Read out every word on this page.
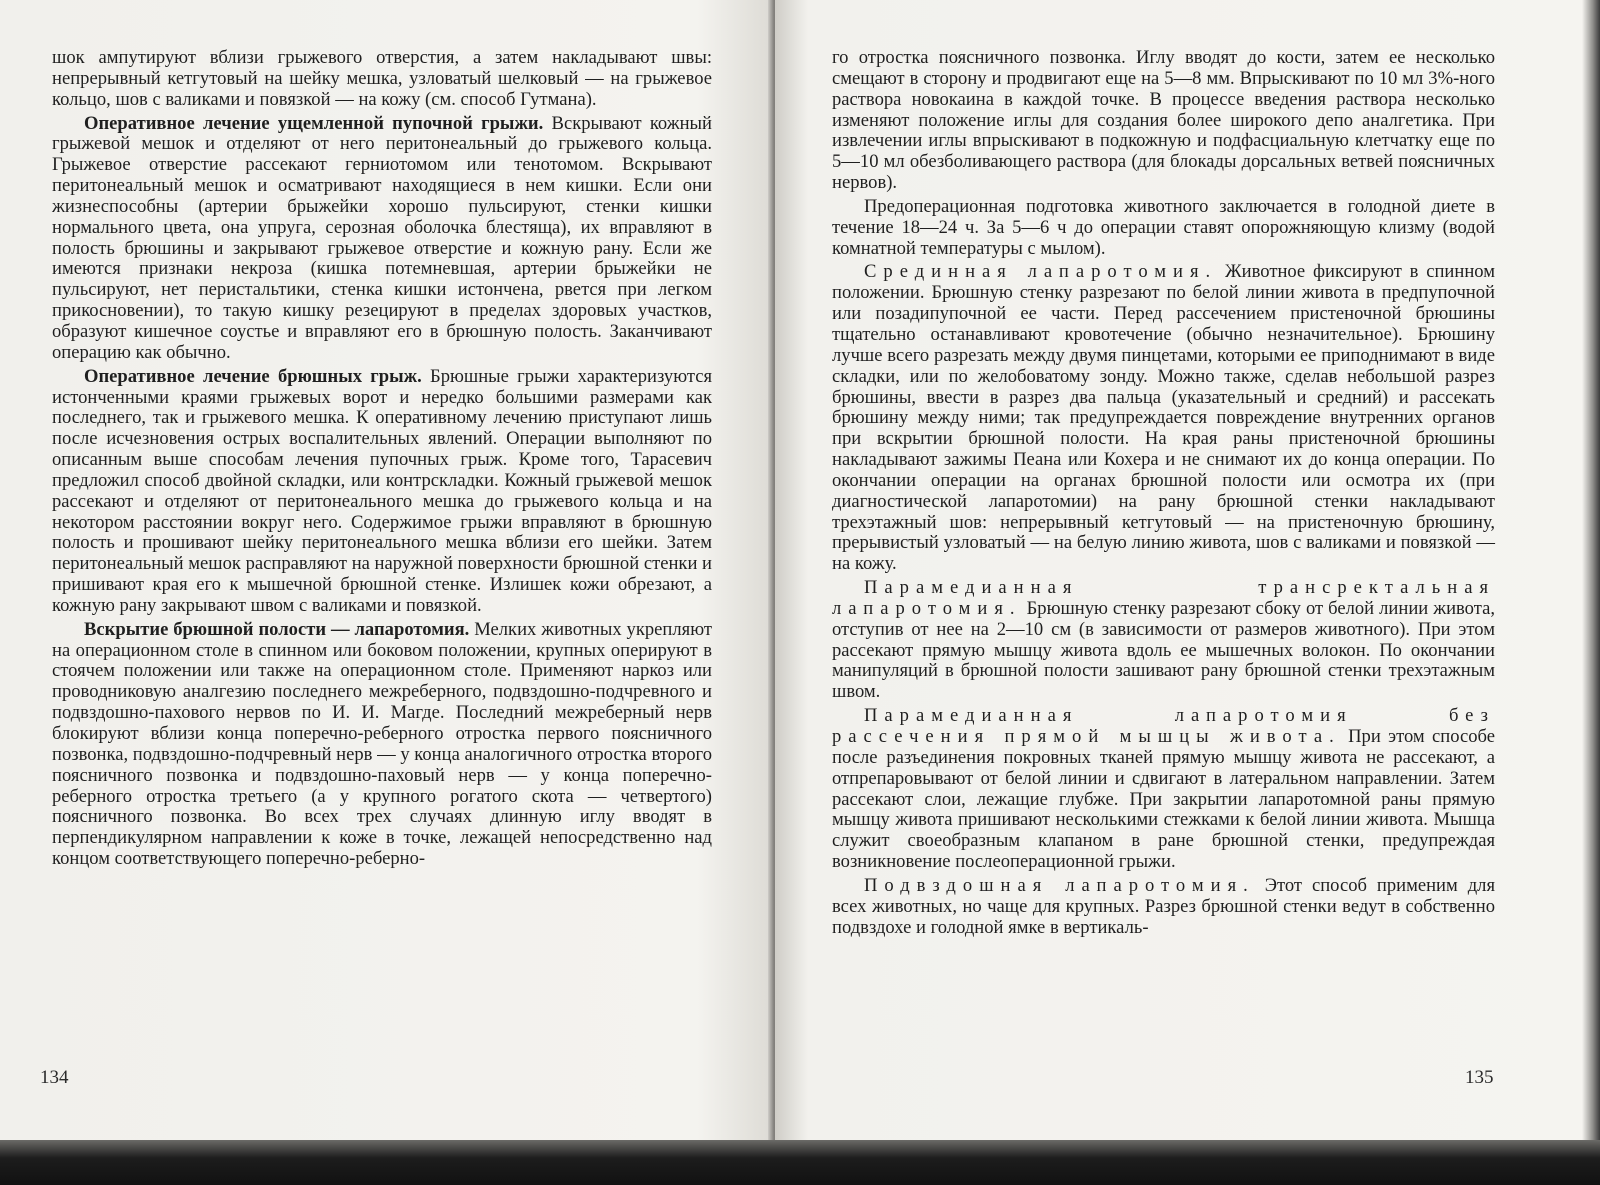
шок ампутируют вблизи грыжевого отверстия, а затем накладывают швы: непрерывный кетгутовый на шейку мешка, узловатый шелковый — на грыжевое кольцо, шов с валиками и повязкой — на кожу (см. способ Гутмана).

Оперативное лечение ущемленной пупочной грыжи. Вскрывают кожный грыжевой мешок и отделяют от него перитонеальный до грыжевого кольца. Грыжевое отверстие рассекают герниотомом или тенотомом. Вскрывают перитонеальный мешок и осматривают находящиеся в нем кишки. Если они жизнеспособны (артерии брыжейки хорошо пульсируют, стенки кишки нормального цвета, она упруга, серозная оболочка блестяща), их вправляют в полость брюшины и закрывают грыжевое отверстие и кожную рану. Если же имеются признаки некроза (кишка потемневшая, артерии брыжейки не пульсируют, нет перистальтики, стенка кишки истончена, рвется при легком прикосновении), то такую кишку резецируют в пределах здоровых участков, образуют кишечное соустье и вправляют его в брюшную полость. Заканчивают операцию как обычно.

Оперативное лечение брюшных грыж. Брюшные грыжи характеризуются истонченными краями грыжевых ворот и нередко большими размерами как последнего, так и грыжевого мешка. К оперативному лечению приступают лишь после исчезновения острых воспалительных явлений. Операции выполняют по описанным выше способам лечения пупочных грыж. Кроме того, Тарасевич предложил способ двойной складки, или контрскладки. Кожный грыжевой мешок рассекают и отделяют от перитонеального мешка до грыжевого кольца и на некотором расстоянии вокруг него. Содержимое грыжи вправляют в брюшную полость и прошивают шейку перитонеального мешка вблизи его шейки. Затем перитонеальный мешок расправляют на наружной поверхности брюшной стенки и пришивают края его к мышечной брюшной стенке. Излишек кожи обрезают, а кожную рану закрывают швом с валиками и повязкой.

Вскрытие брюшной полости — лапаротомия. Мелких животных укрепляют на операционном столе в спинном или боковом положении, крупных оперируют в стоячем положении или также на операционном столе. Применяют наркоз или проводниковую аналгезию последнего межреберного, подвздошно-подчревного и подвздошно-пахового нервов по И. И. Магде. Последний межреберный нерв блокируют вблизи конца поперечно-реберного отростка первого поясничного позвонка, подвздошно-подчревный нерв — у конца аналогичного отростка второго поясничного позвонка и подвздошно-паховый нерв — у конца поперечно-реберного отростка третьего (а у крупного рогатого скота — четвертого) поясничного позвонка. Во всех трех случаях длинную иглу вводят в перпендикулярном направлении к коже в точке, лежащей непосредственно над концом соответствующего поперечно-реберно-

134

го отростка поясничного позвонка. Иглу вводят до кости, затем ее несколько смещают в сторону и продвигают еще на 5—8 мм. Впрыскивают по 10 мл 3%-ного раствора новокаина в каждой точке. В процессе введения раствора несколько изменяют положение иглы для создания более широкого депо аналгетика. При извлечении иглы впрыскивают в подкожную и подфасциальную клетчатку еще по 5—10 мл обезболивающего раствора (для блокады дорсальных ветвей поясничных нервов).

Предоперационная подготовка животного заключается в голодной диете в течение 18—24 ч. За 5—6 ч до операции ставят опорожняющую клизму (водой комнатной температуры с мылом).

Срединная лапаротомия. Животное фиксируют в спинном положении. Брюшную стенку разрезают по белой линии живота в предпупочной или позадипупочной ее части. Перед рассечением пристеночной брюшины тщательно останавливают кровотечение (обычно незначительное). Брюшину лучше всего разрезать между двумя пинцетами, которыми ее приподнимают в виде складки, или по желобоватому зонду. Можно также, сделав небольшой разрез брюшины, ввести в разрез два пальца (указательный и средний) и рассекать брюшину между ними; так предупреждается повреждение внутренних органов при вскрытии брюшной полости. На края раны пристеночной брюшины накладывают зажимы Пеана или Кохера и не снимают их до конца операции. По окончании операции на органах брюшной полости или осмотра их (при диагностической лапаротомии) на рану брюшной стенки накладывают трехэтажный шов: непрерывный кетгутовый — на пристеночную брюшину, прерывистый узловатый — на белую линию живота, шов с валиками и повязкой — на кожу.

Парамедианная трансректальная лапаротомия. Брюшную стенку разрезают сбоку от белой линии живота, отступив от нее на 2—10 см (в зависимости от размеров животного). При этом рассекают прямую мышцу живота вдоль ее мышечных волокон. По окончании манипуляций в брюшной полости зашивают рану брюшной стенки трехэтажным швом.

Парамедианная лапаротомия без рассечения прямой мышцы живота. При этом способе после разъединения покровных тканей прямую мышцу живота не рассекают, а отпрепаровывают от белой линии и сдвигают в латеральном направлении. Затем рассекают слои, лежащие глубже. При закрытии лапаротомной раны прямую мышцу живота пришивают несколькими стежками к белой линии живота. Мышца служит своеобразным клапаном в ране брюшной стенки, предупреждая возникновение послеоперационной грыжи.

Подвздошная лапаротомия. Этот способ применим для всех животных, но чаще для крупных. Разрез брюшной стенки ведут в собственно подвздохе и голодной ямке в вертикаль-

135
